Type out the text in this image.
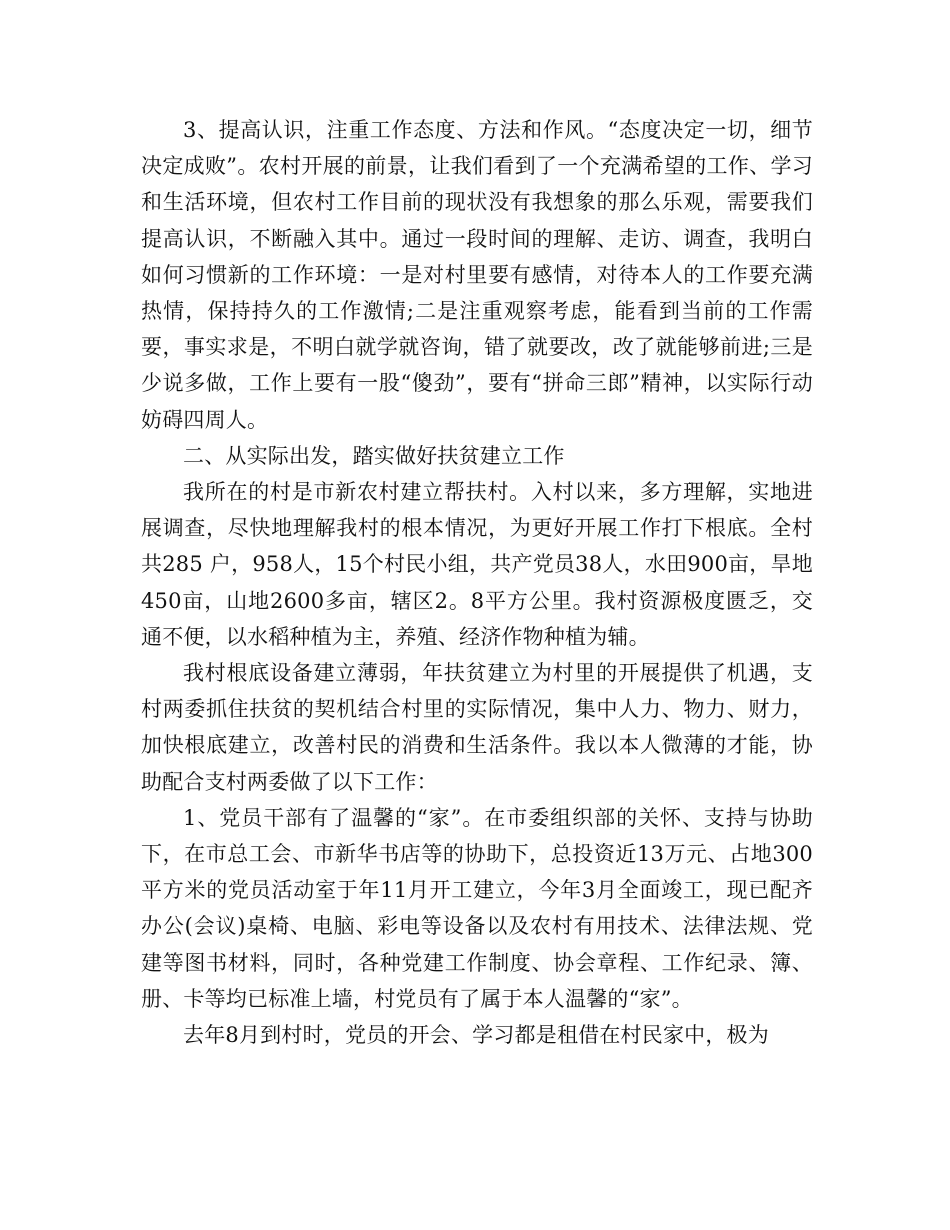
3、提高认识，注重工作态度、方法和作风。“态度决定一切，细节决定成败”。农村开展的前景，让我们看到了一个充满希望的工作、学习和生活环境，但农村工作目前的现状没有我想象的那么乐观，需要我们提高认识，不断融入其中。通过一段时间的理解、走访、调查，我明白如何习惯新的工作环境：一是对村里要有感情，对待本人的工作要充满热情，保持持久的工作激情;二是注重观察考虑，能看到当前的工作需要，事实求是，不明白就学就咨询，错了就要改，改了就能够前进;三是少说多做，工作上要有一股“傻劲”，要有“拼命三郎”精神，以实际行动妨碍四周人。

二、从实际出发，踏实做好扶贫建立工作

我所在的村是市新农村建立帮扶村。入村以来，多方理解，实地进展调查，尽快地理解我村的根本情况，为更好开展工作打下根底。全村共285 户，958人，15个村民小组，共产党员38人，水田900亩，旱地450亩，山地2600多亩，辖区2。8平方公里。我村资源极度匮乏，交通不便，以水稻种植为主，养殖、经济作物种植为辅。

我村根底设备建立薄弱，年扶贫建立为村里的开展提供了机遇，支村两委抓住扶贫的契机结合村里的实际情况，集中人力、物力、财力，加快根底建立，改善村民的消费和生活条件。我以本人微薄的才能，协助配合支村两委做了以下工作：

1、党员干部有了温馨的“家”。在市委组织部的关怀、支持与协助下，在市总工会、市新华书店等的协助下，总投资近13万元、占地300平方米的党员活动室于年11月开工建立，今年3月全面竣工，现已配齐办公(会议)桌椅、电脑、彩电等设备以及农村有用技术、法律法规、党建等图书材料，同时，各种党建工作制度、协会章程、工作纪录、簿、册、卡等均已标准上墙，村党员有了属于本人温馨的“家”。

去年8月到村时，党员的开会、学习都是租借在村民家中，极为
